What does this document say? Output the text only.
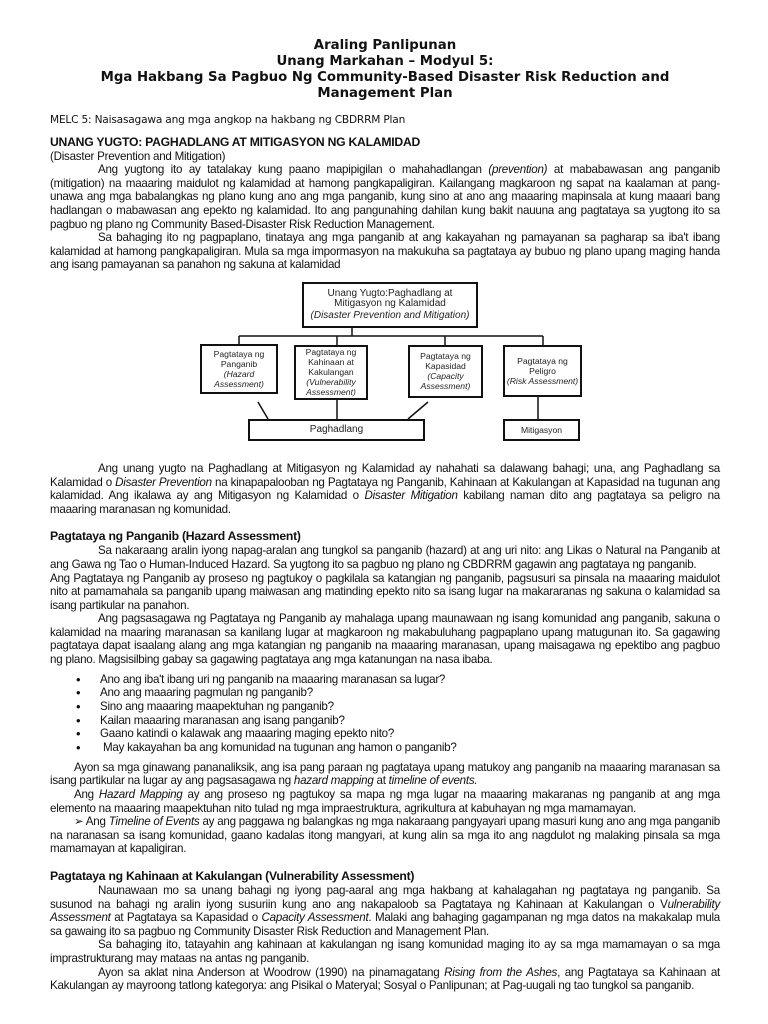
Araling Panlipunan
Unang Markahan – Modyul 5:
Mga Hakbang Sa Pagbuo Ng Community-Based Disaster Risk Reduction and Management Plan
MELC 5: Naisasagawa ang mga angkop na hakbang ng CBDRRM Plan
UNANG YUGTO: PAGHADLANG AT MITIGASYON NG KALAMIDAD

(Disaster Prevention and Mitigation)

Ang yugtong ito ay tatalakay kung paano mapipigilan o mahahadlangan (prevention) at mababawasan ang panganib (mitigation) na maaaring maidulot ng kalamidad at hamong pangkapaligiran. Kailangang magkaroon ng sapat na kaalaman at pang-unawa ang mga babalangkas ng plano kung ano ang mga panganib, kung sino at ano ang maaaring mapinsala at kung maaari bang hadlangan o mabawasan ang epekto ng kalamidad. Ito ang pangunahing dahilan kung bakit nauuna ang pagtataya sa yugtong ito sa pagbuo ng plano ng Community Based-Disaster Risk Reduction Management.

Sa bahaging ito ng pagpaplano, tinataya ang mga panganib at ang kakayahan ng pamayanan sa pagharap sa iba't ibang kalamidad at hamong pangkapaligiran. Mula sa mga impormasyon na makukuha sa pagtataya ay bubuo ng plano upang maging handa ang isang pamayanan sa panahon ng sakuna at kalamidad

Unang Yugto:Paghadlang at Mitigasyon ng Kalamidad
(Disaster Prevention and Mitigation)
Pagtataya ng Panganib
(Hazard Assessment)
Pagtataya ng Kahinaan at Kakulangan
(Vulnerability Assessment)
Pagtataya ng Kapasidad
(Capacity Assessment)
Pagtataya ng Peligro
(Risk Assessment)
Paghadlang	Mitigasyon

Ang unang yugto na Paghadlang at Mitigasyon ng Kalamidad ay nahahati sa dalawang bahagi; una, ang Paghadlang sa Kalamidad o Disaster Prevention na kinapapalooban ng Pagtataya ng Panganib, Kahinaan at Kakulangan at Kapasidad na tugunan ang kalamidad. Ang ikalawa ay ang Mitigasyon ng Kalamidad o Disaster Mitigation kabilang naman dito ang pagtataya sa peligro na maaaring maranasan ng komunidad.

Pagtataya ng Panganib (Hazard Assessment)

Sa nakaraang aralin iyong napag-aralan ang tungkol sa panganib (hazard) at ang uri nito: ang Likas o Natural na Panganib at ang Gawa ng Tao o Human-Induced Hazard. Sa yugtong ito sa pagbuo ng plano ng CBDRRM gagawin ang pagtataya ng panganib.

Ang Pagtataya ng Panganib ay proseso ng pagtukoy o pagkilala sa katangian ng panganib, pagsusuri sa pinsala na maaaring maidulot nito at pamamahala sa panganib upang maiwasan ang matinding epekto nito sa isang lugar na makararanas ng sakuna o kalamidad sa isang partikular na panahon.

Ang pagsasagawa ng Pagtataya ng Panganib ay mahalaga upang maunawaan ng isang komunidad ang panganib, sakuna o kalamidad na maaring maranasan sa kanilang lugar at magkaroon ng makabuluhang pagpaplano upang matugunan ito. Sa gagawing pagtataya dapat isaalang alang ang mga katangian ng panganib na maaaring maranasan, upang maisagawa ng epektibo ang pagbuo ng plano. Magsisilbing gabay sa gagawing pagtataya ang mga katanungan na nasa ibaba.

• Ano ang iba't ibang uri ng panganib na maaaring maranasan sa lugar?
• Ano ang maaaring pagmulan ng panganib?
• Sino ang maaaring maapektuhan ng panganib?
• Kailan maaaring maranasan ang isang panganib?
• Gaano katindi o kalawak ang maaaring maging epekto nito?
•  May kakayahan ba ang komunidad na tugunan ang hamon o panganib?

Ayon sa mga ginawang pananaliksik, ang isa pang paraan ng pagtataya upang matukoy ang panganib na maaaring maranasan sa isang partikular na lugar ay ang pagsasagawa ng hazard mapping at timeline of events.

Ang Hazard Mapping ay ang proseso ng pagtukoy sa mapa ng mga lugar na maaaring makaranas ng panganib at ang mga elemento na maaaring maapektuhan nito tulad ng mga impraestruktura, agrikultura at kabuhayan ng mga mamamayan.

➢ Ang Timeline of Events ay ang paggawa ng balangkas ng mga nakaraang pangyayari upang masuri kung ano ang mga panganib na naranasan sa isang komunidad, gaano kadalas itong mangyari, at kung alin sa mga ito ang nagdulot ng malaking pinsala sa mga mamamayan at kapaligiran.

Pagtataya ng Kahinaan at Kakulangan (Vulnerability Assessment)

Naunawaan mo sa unang bahagi ng iyong pag-aaral ang mga hakbang at kahalagahan ng pagtataya ng panganib. Sa susunod na bahagi ng aralin iyong susuriin kung ano ang nakapaloob sa Pagtataya ng Kahinaan at Kakulangan o Vulnerability Assessment at Pagtataya sa Kapasidad o Capacity Assessment. Malaki ang bahaging gagampanan ng mga datos na makakalap mula sa gawaing ito sa pagbuo ng Community Disaster Risk Reduction and Management Plan.

Sa bahaging ito, tatayahin ang kahinaan at kakulangan ng isang komunidad maging ito ay sa mga mamamayan o sa mga imprastrukturang may mataas na antas ng panganib.

Ayon sa aklat nina Anderson at Woodrow (1990) na pinamagatang Rising from the Ashes, ang Pagtataya sa Kahinaan at Kakulangan ay mayroong tatlong kategorya: ang Pisikal o Materyal; Sosyal o Panlipunan; at Pag-uugali ng tao tungkol sa panganib.
